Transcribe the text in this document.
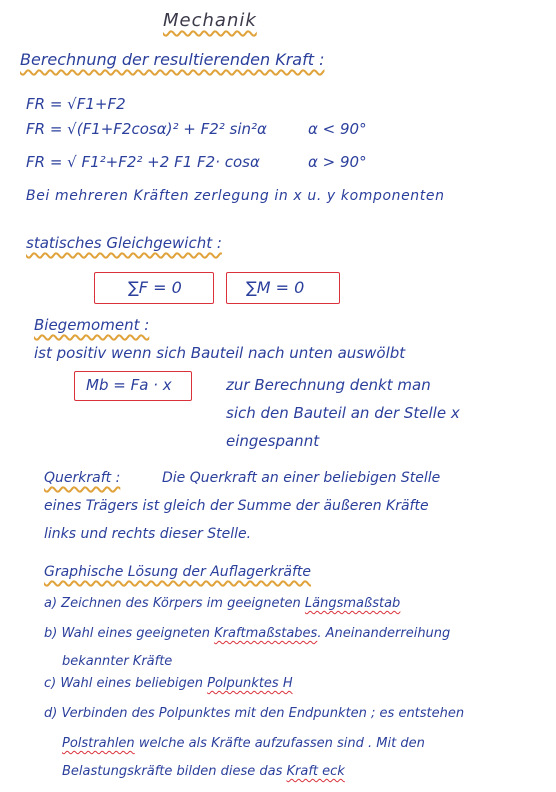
Mechanik
Berechnung der resultierenden Kraft :
FR = √F1+F2
FR = √(F1+F2cosα)² + F2² sin²α	α < 90°
FR = √ F1²+F2² +2 F1 F2· cosα	α > 90°
Bei mehreren Kräften zerlegung in x u. y komponenten
statisches Gleichgewicht :
∑F = 0	∑M = 0
Biegemoment :
ist positiv wenn sich Bauteil nach unten auswölbt
Mb = Fa · x	zur Berechnung denkt man
sich den Bauteil an der Stelle x
eingespannt
Querkraft :	Die Querkraft an einer beliebigen Stelle
eines Trägers ist gleich der Summe der äußeren Kräfte
links und rechts dieser Stelle.
Graphische Lösung der Auflagerkräfte
a) Zeichnen des Körpers im geeigneten Längsmaßstab
b) Wahl eines geeigneten Kraftmaßstabes. Aneinanderreihung
bekannter Kräfte
c) Wahl eines beliebigen Polpunktes H
d) Verbinden des Polpunktes mit den Endpunkten ; es entstehen
Polstrahlen welche als Kräfte aufzufassen sind . Mit den
Belastungskräfte bilden diese das Kraft eck
